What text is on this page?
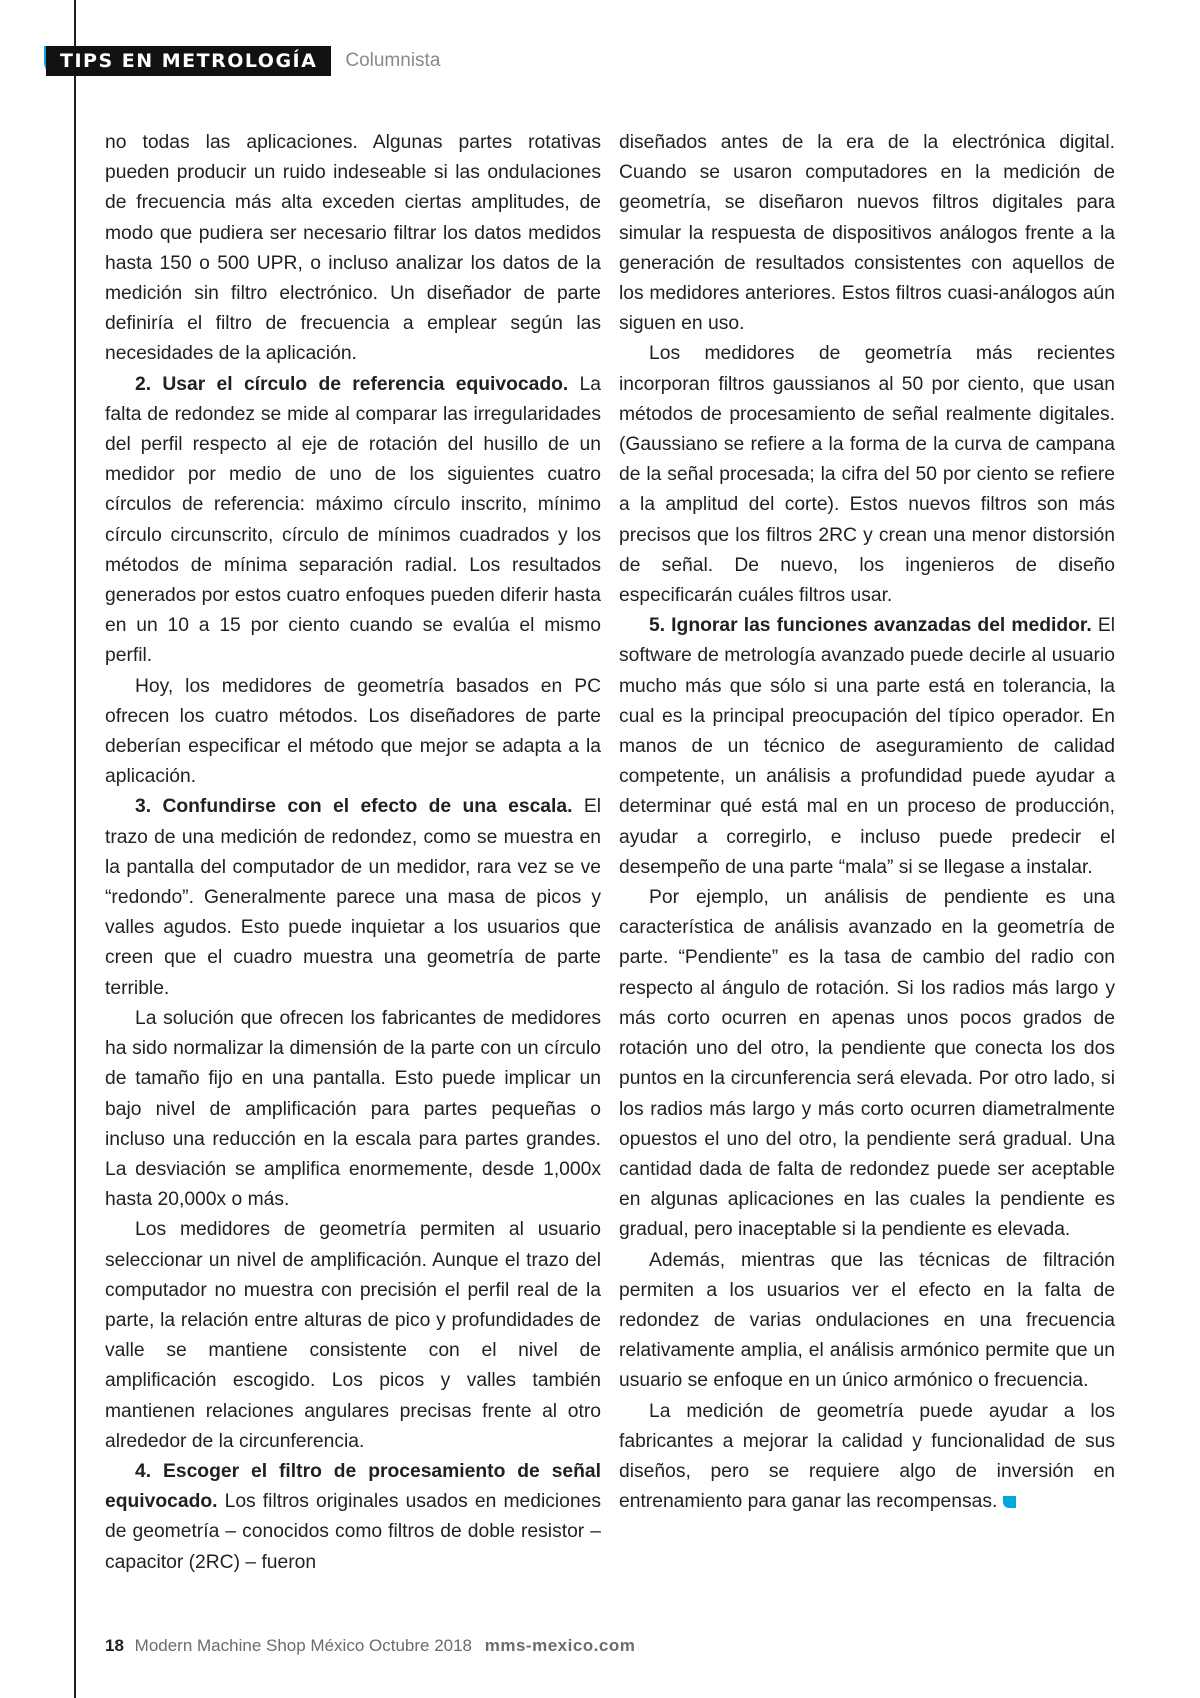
TIPS EN METROLOGÍA	Columnista

no todas las aplicaciones. Algunas partes rotativas pueden producir un ruido indeseable si las ondulaciones de frecuencia más alta exceden ciertas amplitudes, de modo que pudiera ser necesario filtrar los datos medidos hasta 150 o 500 UPR, o incluso analizar los datos de la medición sin filtro electrónico. Un diseñador de parte definiría el filtro de frecuencia a emplear según las necesidades de la aplicación.

2. Usar el círculo de referencia equivocado. La falta de redondez se mide al comparar las irregularidades del perfil respecto al eje de rotación del husillo de un medidor por medio de uno de los siguientes cuatro círculos de referencia: máximo círculo inscrito, mínimo círculo circunscrito, círculo de mínimos cuadrados y los métodos de mínima separación radial. Los resultados generados por estos cuatro enfoques pueden diferir hasta en un 10 a 15 por ciento cuando se evalúa el mismo perfil.

Hoy, los medidores de geometría basados en PC ofrecen los cuatro métodos. Los diseñadores de parte deberían especificar el método que mejor se adapta a la aplicación.

3. Confundirse con el efecto de una escala. El trazo de una medición de redondez, como se muestra en la pantalla del computador de un medidor, rara vez se ve “redondo”. Generalmente parece una masa de picos y valles agudos. Esto puede inquietar a los usuarios que creen que el cuadro muestra una geometría de parte terrible.

La solución que ofrecen los fabricantes de medidores ha sido normalizar la dimensión de la parte con un círculo de tamaño fijo en una pantalla. Esto puede implicar un bajo nivel de amplificación para partes pequeñas o incluso una reducción en la escala para partes grandes. La desviación se amplifica enormemente, desde 1,000x hasta 20,000x o más.

Los medidores de geometría permiten al usuario seleccionar un nivel de amplificación. Aunque el trazo del computador no muestra con precisión el perfil real de la parte, la relación entre alturas de pico y profundidades de valle se mantiene consistente con el nivel de amplificación escogido. Los picos y valles también mantienen relaciones angulares precisas frente al otro alrededor de la circunferencia.

4. Escoger el filtro de procesamiento de señal equivocado. Los filtros originales usados en mediciones de geometría – conocidos como filtros de doble resistor – capacitor (2RC) – fueron

diseñados antes de la era de la electrónica digital. Cuando se usaron computadores en la medición de geometría, se diseñaron nuevos filtros digitales para simular la respuesta de dispositivos análogos frente a la generación de resultados consistentes con aquellos de los medidores anteriores. Estos filtros cuasi-análogos aún siguen en uso.

Los medidores de geometría más recientes incorporan filtros gaussianos al 50 por ciento, que usan métodos de procesamiento de señal realmente digitales. (Gaussiano se refiere a la forma de la curva de campana de la señal procesada; la cifra del 50 por ciento se refiere a la amplitud del corte). Estos nuevos filtros son más precisos que los filtros 2RC y crean una menor distorsión de señal. De nuevo, los ingenieros de diseño especificarán cuáles filtros usar.

5. Ignorar las funciones avanzadas del medidor. El software de metrología avanzado puede decirle al usuario mucho más que sólo si una parte está en tolerancia, la cual es la principal preocupación del típico operador. En manos de un técnico de aseguramiento de calidad competente, un análisis a profundidad puede ayudar a determinar qué está mal en un proceso de producción, ayudar a corregirlo, e incluso puede predecir el desempeño de una parte “mala” si se llegase a instalar.

Por ejemplo, un análisis de pendiente es una característica de análisis avanzado en la geometría de parte. “Pendiente” es la tasa de cambio del radio con respecto al ángulo de rotación. Si los radios más largo y más corto ocurren en apenas unos pocos grados de rotación uno del otro, la pendiente que conecta los dos puntos en la circunferencia será elevada. Por otro lado, si los radios más largo y más corto ocurren diametralmente opuestos el uno del otro, la pendiente será gradual. Una cantidad dada de falta de redondez puede ser aceptable en algunas aplicaciones en las cuales la pendiente es gradual, pero inaceptable si la pendiente es elevada.

Además, mientras que las técnicas de filtración permiten a los usuarios ver el efecto en la falta de redondez de varias ondulaciones en una frecuencia relativamente amplia, el análisis armónico permite que un usuario se enfoque en un único armónico o frecuencia.

La medición de geometría puede ayudar a los fabricantes a mejorar la calidad y funcionalidad de sus diseños, pero se requiere algo de inversión en entrenamiento para ganar las recompensas.

18 Modern Machine Shop México Octubre 2018 mms-mexico.com
